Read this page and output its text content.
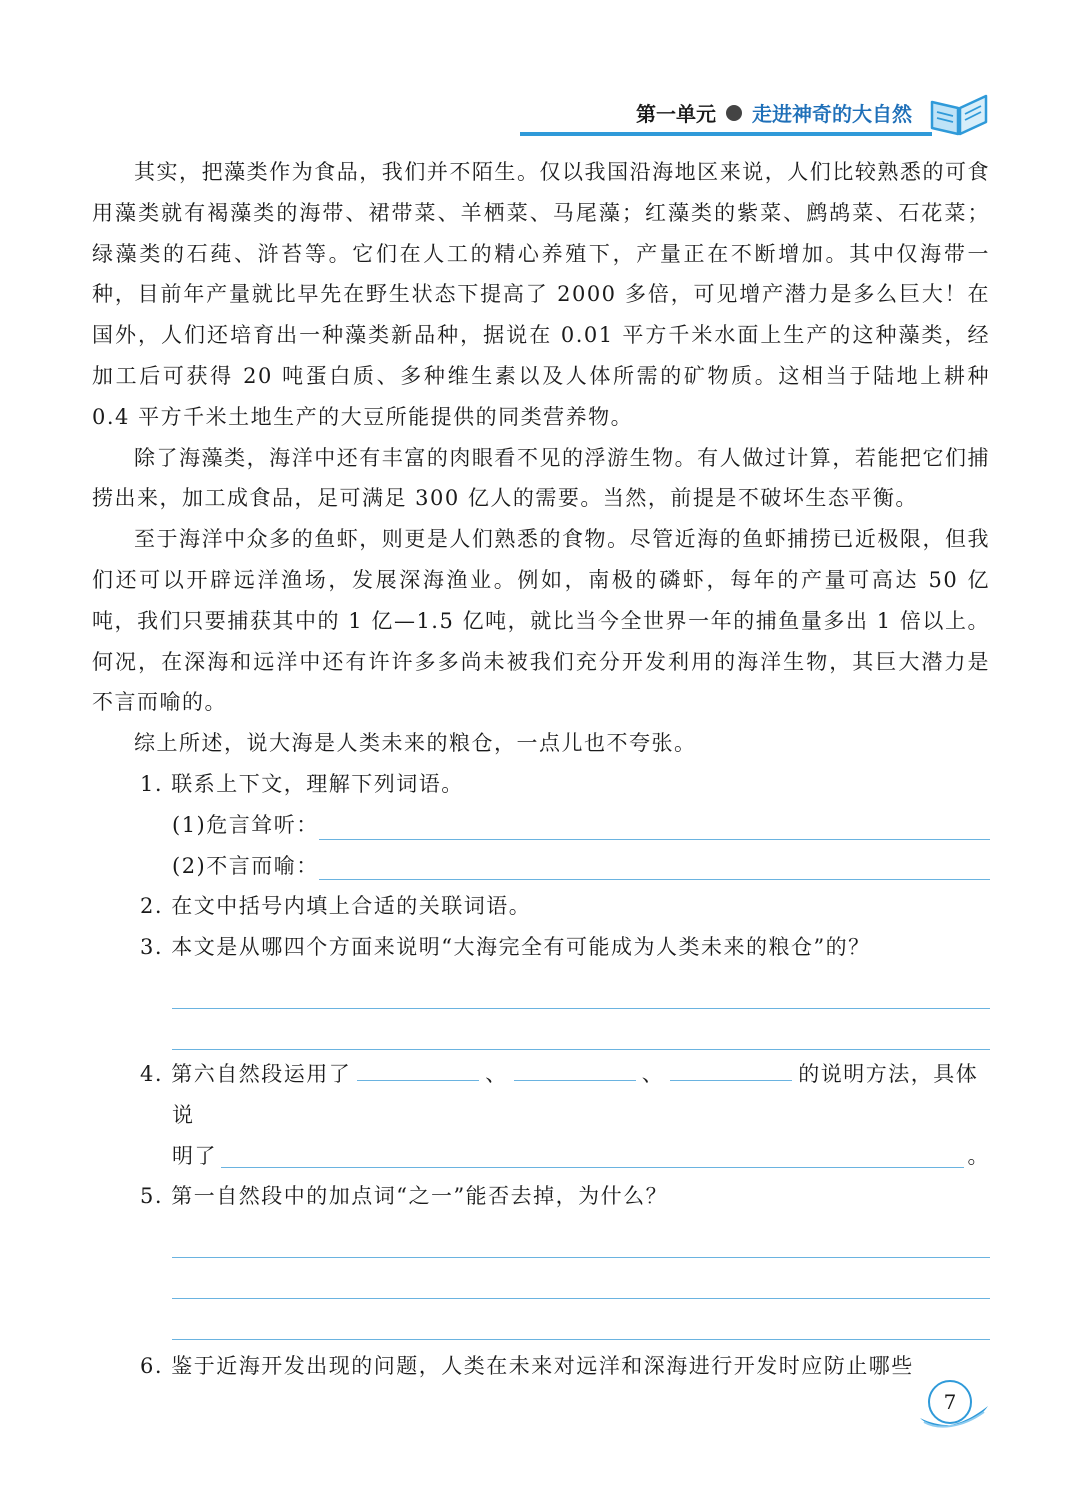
第一单元 走进神奇的大自然

其实，把藻类作为食品，我们并不陌生。仅以我国沿海地区来说，人们比较熟悉的可食用藻类就有褐藻类的海带、裙带菜、羊栖菜、马尾藻；红藻类的紫菜、鹧鸪菜、石花菜；绿藻类的石莼、浒苔等。它们在人工的精心养殖下，产量正在不断增加。其中仅海带一种，目前年产量就比早先在野生状态下提高了 2000 多倍，可见增产潜力是多么巨大！在国外，人们还培育出一种藻类新品种，据说在 0.01 平方千米水面上生产的这种藻类，经加工后可获得 20 吨蛋白质、多种维生素以及人体所需的矿物质。这相当于陆地上耕种 0.4 平方千米土地生产的大豆所能提供的同类营养物。

除了海藻类，海洋中还有丰富的肉眼看不见的浮游生物。有人做过计算，若能把它们捕捞出来，加工成食品，足可满足 300 亿人的需要。当然，前提是不破坏生态平衡。

至于海洋中众多的鱼虾，则更是人们熟悉的食物。尽管近海的鱼虾捕捞已近极限，但我们还可以开辟远洋渔场，发展深海渔业。例如，南极的磷虾，每年的产量可高达 50 亿吨，我们只要捕获其中的 1 亿—1.5 亿吨，就比当今全世界一年的捕鱼量多出 1 倍以上。何况，在深海和远洋中还有许许多多尚未被我们充分开发利用的海洋生物，其巨大潜力是不言而喻的。

综上所述，说大海是人类未来的粮仓，一点儿也不夸张。

1. 联系上下文，理解下列词语。

(1)危言耸听：
(2)不言而喻：

2. 在文中括号内填上合适的关联词语。

3. 本文是从哪四个方面来说明“大海完全有可能成为人类未来的粮仓”的？

4. 第六自然段运用了	、	、	的说明方法，具体说

明了	。

5. 第一自然段中的加点词“之一”能否去掉，为什么？

6. 鉴于近海开发出现的问题，人类在未来对远洋和深海进行开发时应防止哪些

7
